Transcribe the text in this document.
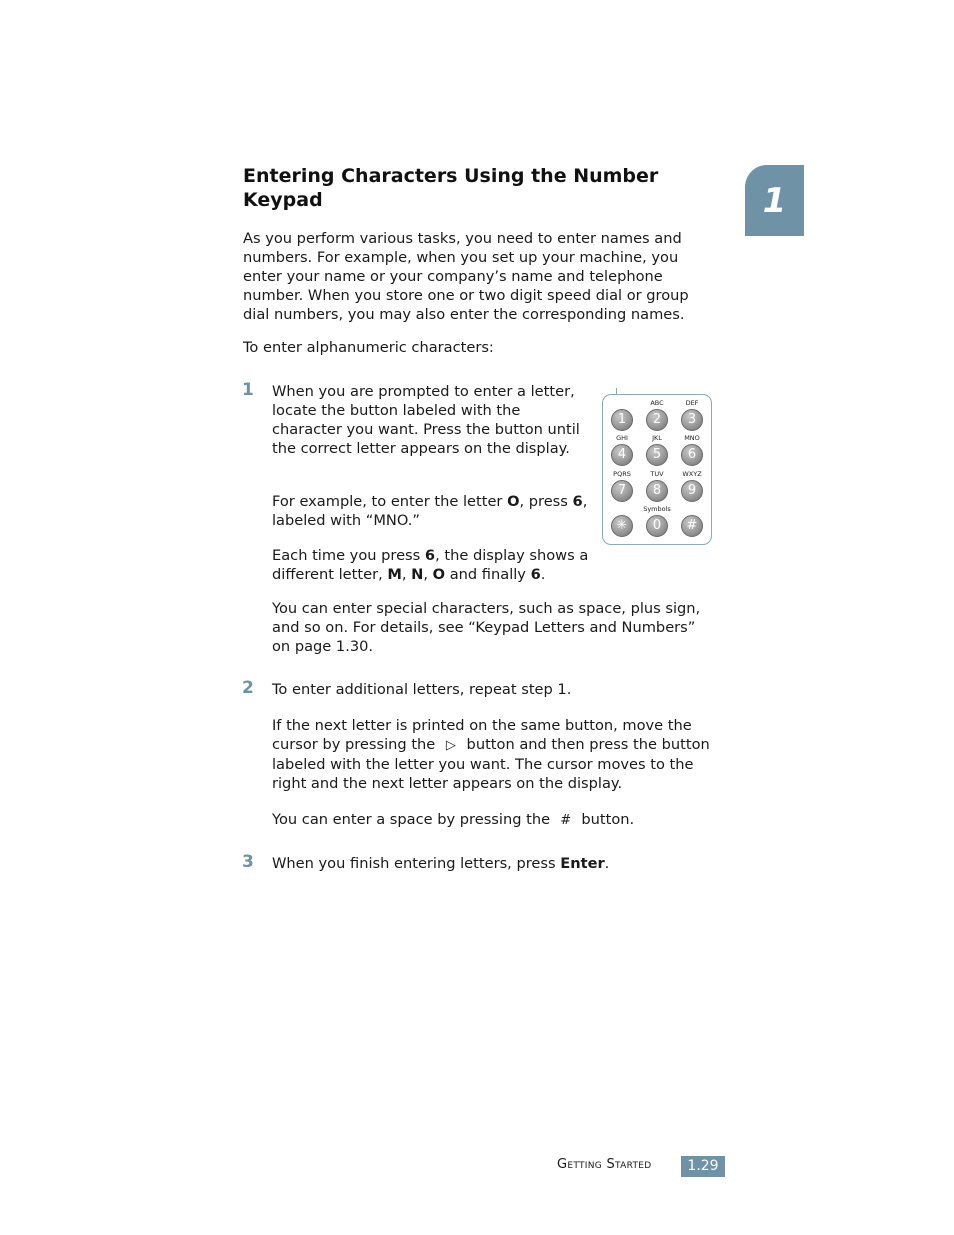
Entering Characters Using the Number Keypad	1

As you perform various tasks, you need to enter names and numbers. For example, when you set up your machine, you enter your name or your company’s name and telephone number. When you store one or two digit speed dial or group dial numbers, you may also enter the corresponding names.

To enter alphanumeric characters:

1 When you are prompted to enter a letter, locate the button labeled with the character you want. Press the button until the correct letter appears on the display.

For example, to enter the letter O, press 6, labeled with “MNO.”

Each time you press 6, the display shows a different letter, M, N, O and finally 6.

You can enter special characters, such as space, plus sign, and so on. For details, see “Keypad Letters and Numbers” on page 1.30.

1
ABC
2
DEF
3
GHI
4
JKL
5
MNO
6
PQRS
7
TUV
8
WXYZ
9
✳
Symbols
0	#
2 To enter additional letters, repeat step 1.

If the next letter is printed on the same button, move the cursor by pressing the ▷ button and then press the button labeled with the letter you want. The cursor moves to the right and the next letter appears on the display.

You can enter a space by pressing the # button.

3 When you finish entering letters, press Enter.

Getting Started	1.29
